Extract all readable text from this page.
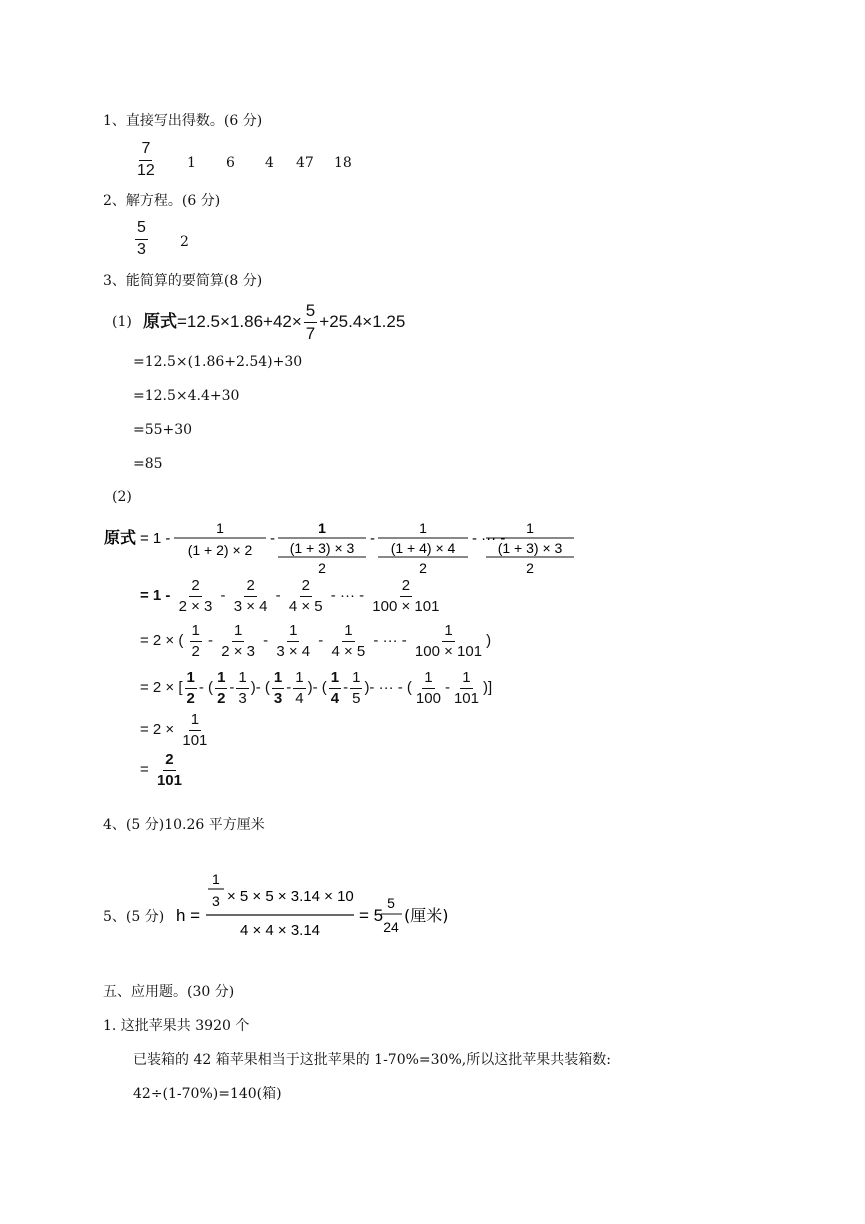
1、直接写出得数。(6 分)
$\frac{7}{12} 1$ 6 4 47 18
2、解方程。(6 分)
$\frac{5}{3} 2$
3、能简算的要简算(8 分)
(1) 原式$=12.5\times 1.86+42\times \frac{5}{7} +25.4\times 1.25$
=12.5×(1.86+2.54)+30
=12.5×4.4+30
=55+30
=85
(2)
原式 = 1 -
1
(1 + 2) × 2
-
1
(1 + 3) × 3
2
-
1
(1 + 4) × 4
2
- ··· -
1
(1 + 3) × 3
2
= $1 - \frac{2}{2 \times 3} - \frac{2}{3 \times 4} - \frac{2}{4 \times 5}$ - ··· - $\frac{2}{100 \times 101}$
= 2 × ( $\frac{1}{2} - \frac{1}{2 \times 3} - \frac{1}{3 \times 4} - \frac{1}{4 \times 5}$ - ··· - $\frac{1}{100 \times 101}$ )
= 2 × [ $\frac{1}{2}$ - ( $\frac{1}{2} - \frac{1}{3}$ )- ( $\frac{1}{3} - \frac{1}{4}$ )- ( $\frac{1}{4} - \frac{1}{5}$ )- ··· - ( $\frac{1}{100} - \frac{1}{101}$ )]
= $2 \times \frac{1}{101}$
= $\frac{2}{101}$
4、(5 分)10.26 平方厘米
5、(5 分) h =
1
3 × 5 × 5 × 3.14 × 10
4 × 4 × 3.14
= 5
5
24
(厘米)
五、应用题。(30 分)
1. 这批苹果共 3920 个
已装箱的 42 箱苹果相当于这批苹果的 1-70%=30%,所以这批苹果共装箱数:
42÷(1-70%)=140(箱)
